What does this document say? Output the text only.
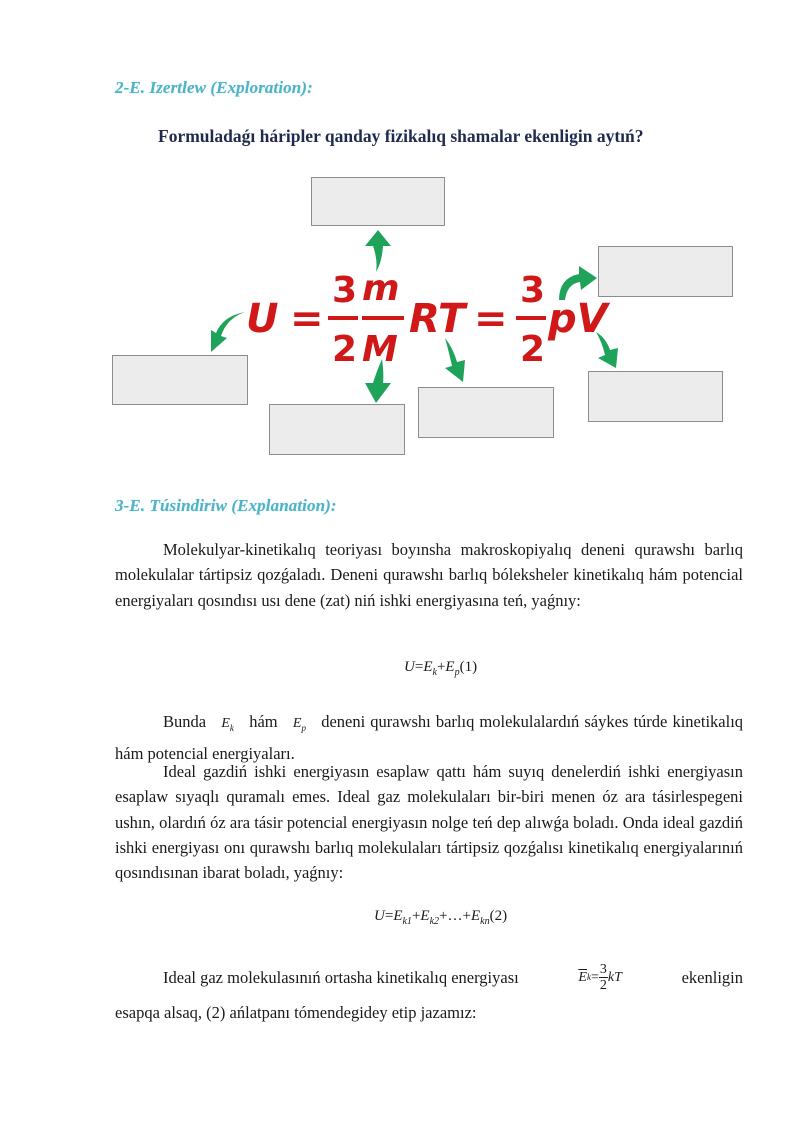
2-E. Izertlew (Exploration):
Formuladaǵı háripler qanday fizikalıq shamalar ekenligin aytıń?
U =
3
2
m
M
RT =
3
2
pV
3-E. Túsindiriw (Explanation):

Molekulyar-kinetikalıq teoriyası boyınsha makroskopiyalıq deneni qurawshı barlıq molekulalar tártipsiz qozǵaladı. Deneni qurawshı barlıq bóleksheler kinetikalıq hám potencial energiyaları qosındısı usı dene (zat) niń ishki energiyasına teń, yaǵnıy:

$U=E_k+E_p(1)$

Bunda $E_k$ hám $E_p$ deneni qurawshı barlıq molekulalardıń sáykes túrde kinetikalıq hám potencial energiyaları.

Ideal gazdiń ishki energiyasın esaplaw qattı hám suyıq denelerdiń ishki energiyasın esaplaw sıyaqlı quramalı emes. Ideal gaz molekulaları bir-biri menen óz ara tásirlespegeni ushın, olardıń óz ara tásir potencial energiyasın nolge teń dep alıwǵa boladı. Onda ideal gazdiń ishki energiyası onı qurawshı barlıq molekulaları tártipsiz qozǵalısı kinetikalıq energiyalarınıń qosındısınan ibarat boladı, yaǵnıy:

$U=E_{k1}+E_{k2}+\dots+E_{kn}(2)$
Ideal gaz molekulasınıń ortasha kinetikalıq energiyası	$\overline{E}$ $k = \frac{3}{2}$ kT	ekenligin

esapqa alsaq, (2) ańlatpanı tómendegidey etip jazamız:
